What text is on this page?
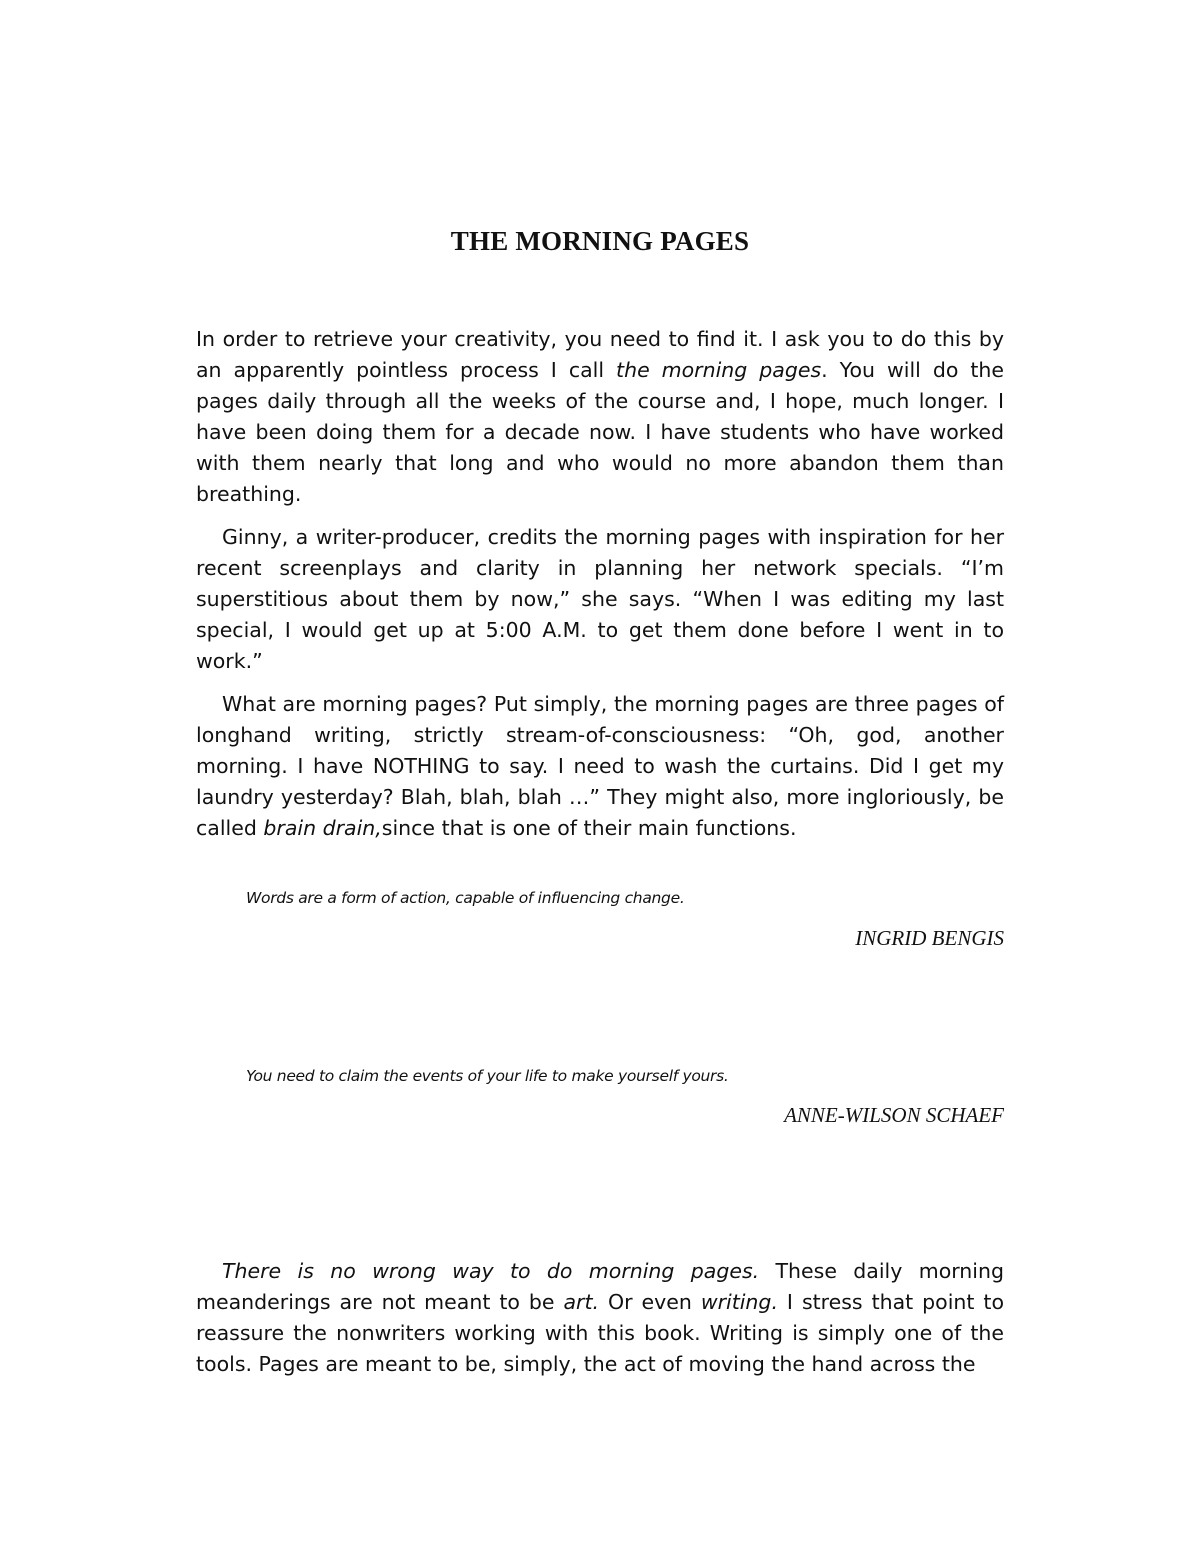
THE MORNING PAGES

In order to retrieve your creativity, you need to find it. I ask you to do this by an apparently pointless process I call the morning pages. You will do the pages daily through all the weeks of the course and, I hope, much longer. I have been doing them for a decade now. I have students who have worked with them nearly that long and who would no more abandon them than breathing.

Ginny, a writer-producer, credits the morning pages with inspiration for her recent screenplays and clarity in planning her network specials. “I’m superstitious about them by now,” she says. “When I was editing my last special, I would get up at 5:00 A.M. to get them done before I went in to work.”

What are morning pages? Put simply, the morning pages are three pages of longhand writing, strictly stream-of-consciousness: “Oh, god, another morning. I have NOTHING to say. I need to wash the curtains. Did I get my laundry yesterday? Blah, blah, blah …” They might also, more ingloriously, be called brain drain,since that is one of their main functions.

Words are a form of action, capable of influencing change.
INGRID BENGIS
You need to claim the events of your life to make yourself yours.
ANNE-WILSON SCHAEF

There is no wrong way to do morning pages. These daily morning meanderings are not meant to be art. Or even writing. I stress that point to reassure the nonwriters working with this book. Writing is simply one of the tools. Pages are meant to be, simply, the act of moving the hand across the
